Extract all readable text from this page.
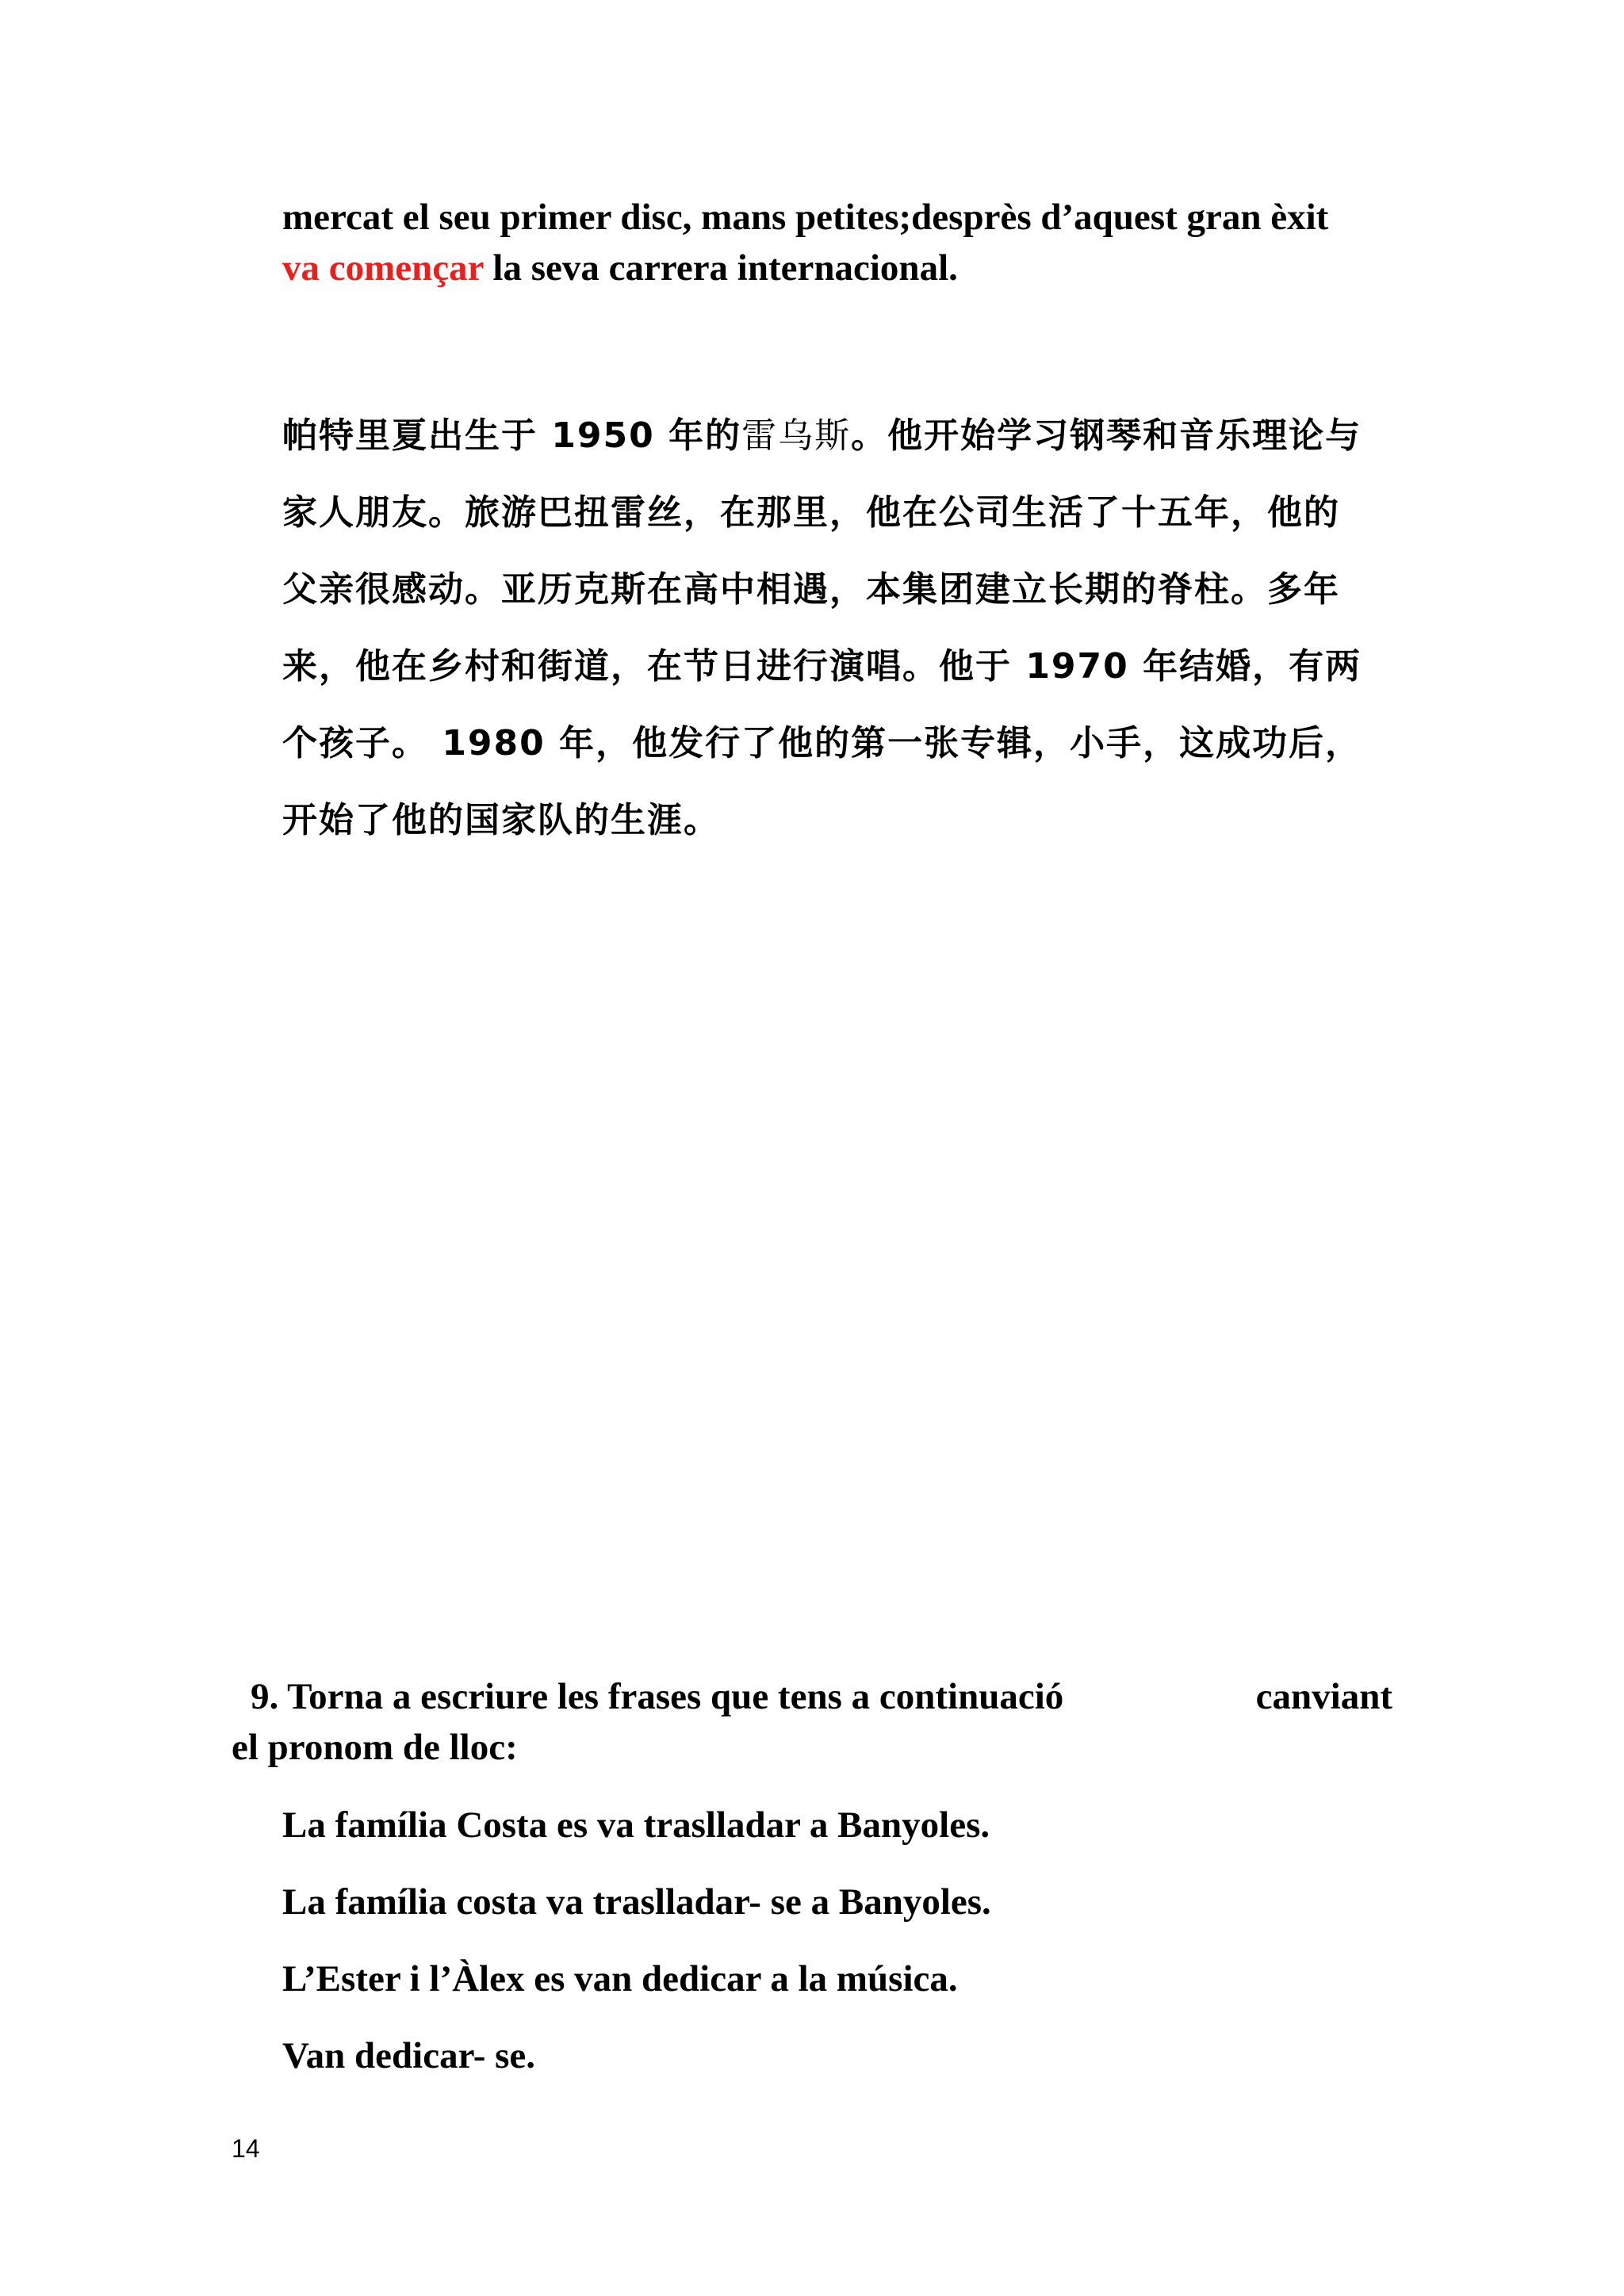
mercat el seu primer disc, mans petites;desprès d’aquest gran èxit

va començar la seva carrera internacional.

帕特里夏出生于 1950 年的雷乌斯。他开始学习钢琴和音乐理论与

家人朋友。旅游巴扭雷丝，在那里，他在公司生活了十五年，他的

父亲很感动。亚历克斯在高中相遇，本集团建立长期的脊柱。多年

来，他在乡村和街道，在节日进行演唱。他于 1970 年结婚，有两

个孩子。 1980 年，他发行了他的第一张专辑，小手，这成功后，

开始了他的国家队的生涯。

9. Torna a escriure les frases que tens a continuació	canviant

el pronom de lloc:

La família Costa es va traslladar a Banyoles.

La família costa va traslladar- se a Banyoles.

L’Ester i l’Àlex es van dedicar a la música.

Van dedicar- se.

14
